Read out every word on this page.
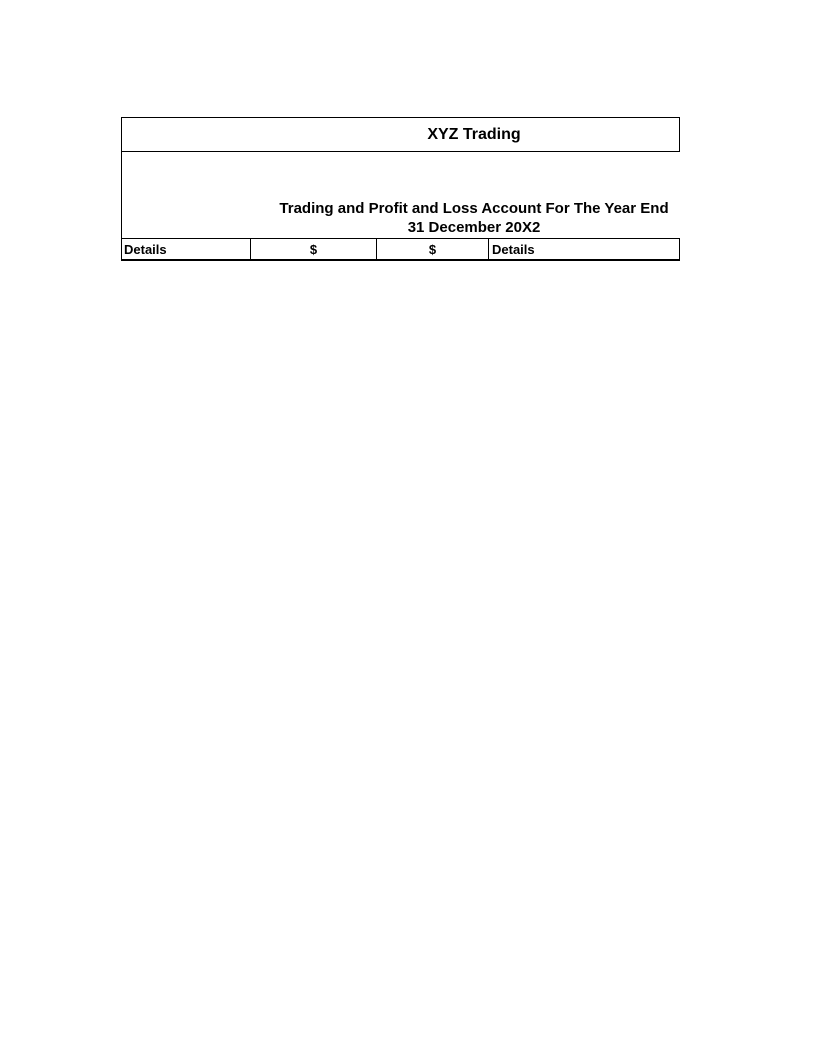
XYZ Trading
Trading and Profit and Loss Account For The Year End
31 December 20X2
Details	$	$	Details
